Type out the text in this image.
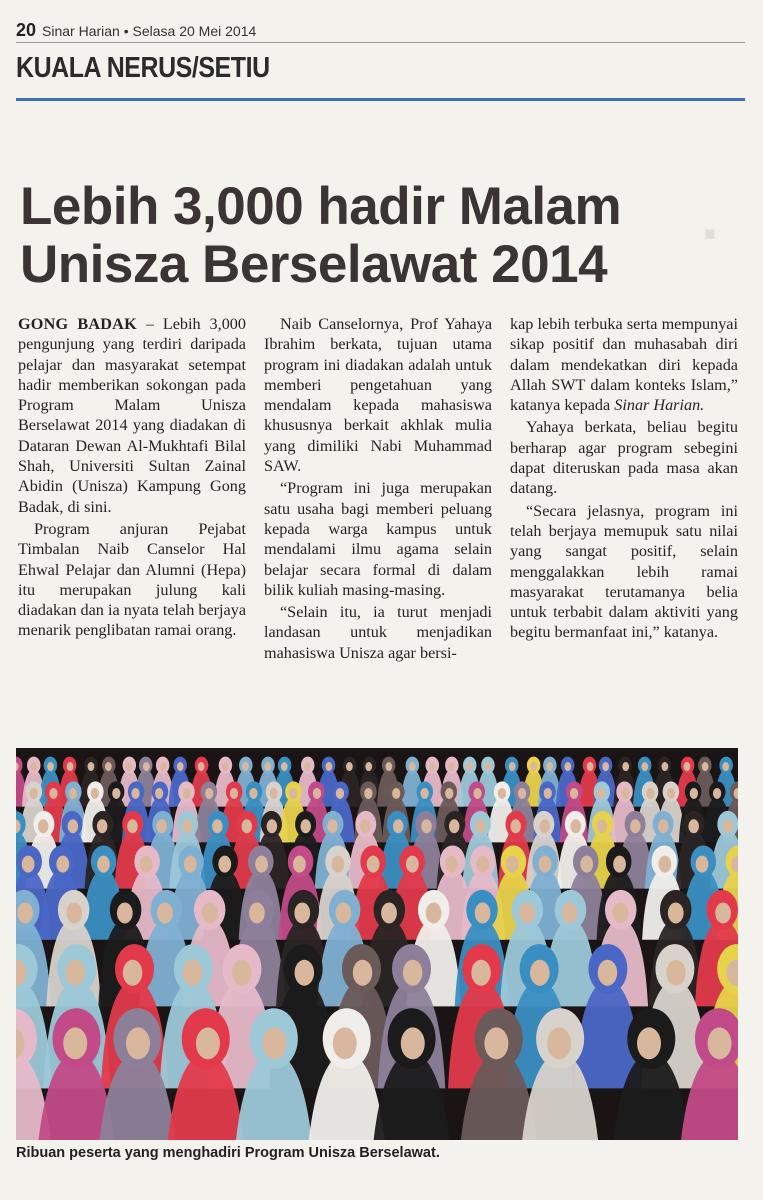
20 Sinar Harian • Selasa 20 Mei 2014
KUALA NERUS/SETIU
.
Lebih 3,000 hadir Malam
Unisza Berselawat 2014

GONG BADAK – Lebih 3,000 pengunjung yang terdiri daripada pelajar dan masyarakat setempat hadir memberikan sokongan pada Program Malam Unisza Berselawat 2014 yang diadakan di Dataran Dewan Al-Mukhtafi Bilal Shah, Universiti Sultan Zainal Abidin (Unisza) Kampung Gong Badak, di sini.

Program anjuran Pejabat Timbalan Naib Canselor Hal Ehwal Pelajar dan Alumni (Hepa) itu merupakan julung kali diadakan dan ia nyata telah berjaya menarik penglibatan ramai orang.

Naib Canselornya, Prof Yahaya Ibrahim berkata, tujuan utama program ini diadakan adalah untuk memberi pengetahuan yang mendalam kepada mahasiswa khususnya berkait akhlak mulia yang dimiliki Nabi Muhammad SAW.

“Program ini juga merupakan satu usaha bagi memberi peluang kepada warga kampus untuk mendalami ilmu agama selain belajar secara formal di dalam bilik kuliah masing-masing.

“Selain itu, ia turut menjadi landasan untuk menjadikan mahasiswa Unisza agar bersi-

kap lebih terbuka serta mempunyai sikap positif dan muhasabah diri dalam mendekatkan diri kepada Allah SWT dalam konteks Islam,” katanya kepada Sinar Harian.

Yahaya berkata, beliau begitu berharap agar program sebegini dapat diteruskan pada masa akan datang.

“Secara jelasnya, program ini telah berjaya memupuk satu nilai yang sangat positif, selain menggalakkan lebih ramai masyarakat terutamanya belia untuk terbabit dalam aktiviti yang begitu bermanfaat ini,” katanya.

Ribuan peserta yang menghadiri Program Unisza Berselawat.
